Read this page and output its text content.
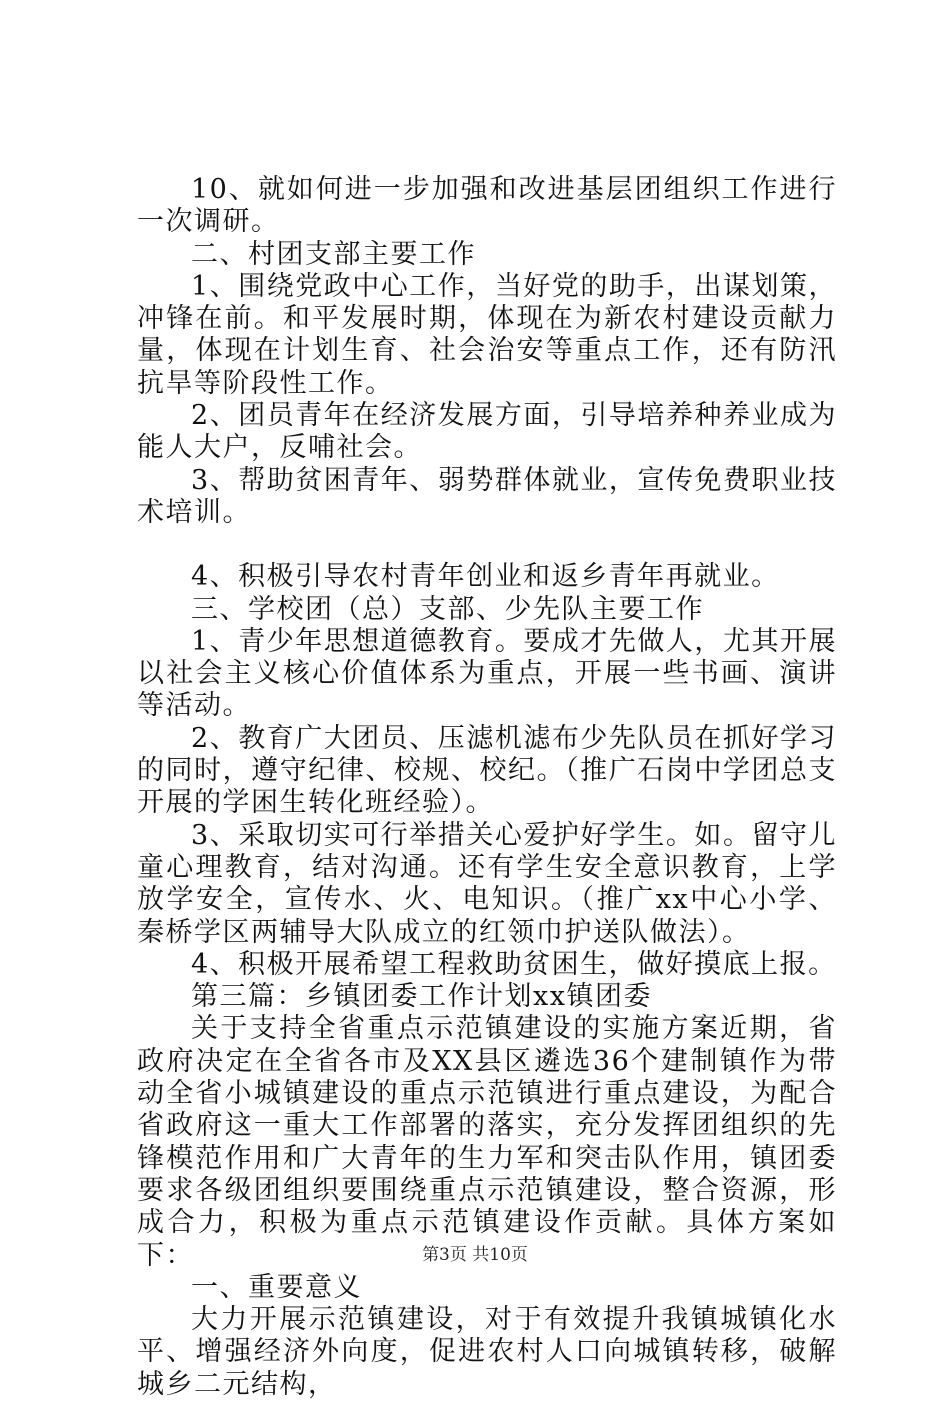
10、就如何进一步加强和改进基层团组织工作进行一次调研。

二、村团支部主要工作

1、围绕党政中心工作，当好党的助手，出谋划策，冲锋在前。和平发展时期，体现在为新农村建设贡献力量，体现在计划生育、社会治安等重点工作，还有防汛抗旱等阶段性工作。

2、团员青年在经济发展方面，引导培养种养业成为能人大户，反哺社会。

3、帮助贫困青年、弱势群体就业，宣传免费职业技术培训。

4、积极引导农村青年创业和返乡青年再就业。

三、学校团（总）支部、少先队主要工作

1、青少年思想道德教育。要成才先做人，尤其开展以社会主义核心价值体系为重点，开展一些书画、演讲等活动。

2、教育广大团员、压滤机滤布少先队员在抓好学习的同时，遵守纪律、校规、校纪。（推广石岗中学团总支开展的学困生转化班经验）。

3、采取切实可行举措关心爱护好学生。如。留守儿童心理教育，结对沟通。还有学生安全意识教育，上学放学安全，宣传水、火、电知识。（推广xx中心小学、秦桥学区两辅导大队成立的红领巾护送队做法）。

4、积极开展希望工程救助贫困生，做好摸底上报。

第三篇：乡镇团委工作计划xx镇团委

关于支持全省重点示范镇建设的实施方案近期，省政府决定在全省各市及XX县区遴选36个建制镇作为带动全省小城镇建设的重点示范镇进行重点建设，为配合省政府这一重大工作部署的落实，充分发挥团组织的先锋模范作用和广大青年的生力军和突击队作用，镇团委要求各级团组织要围绕重点示范镇建设，整合资源，形成合力，积极为重点示范镇建设作贡献。具体方案如下：

一、重要意义

大力开展示范镇建设，对于有效提升我镇城镇化水平、增强经济外向度，促进农村人口向城镇转移，破解城乡二元结构，

第3页 共10页
